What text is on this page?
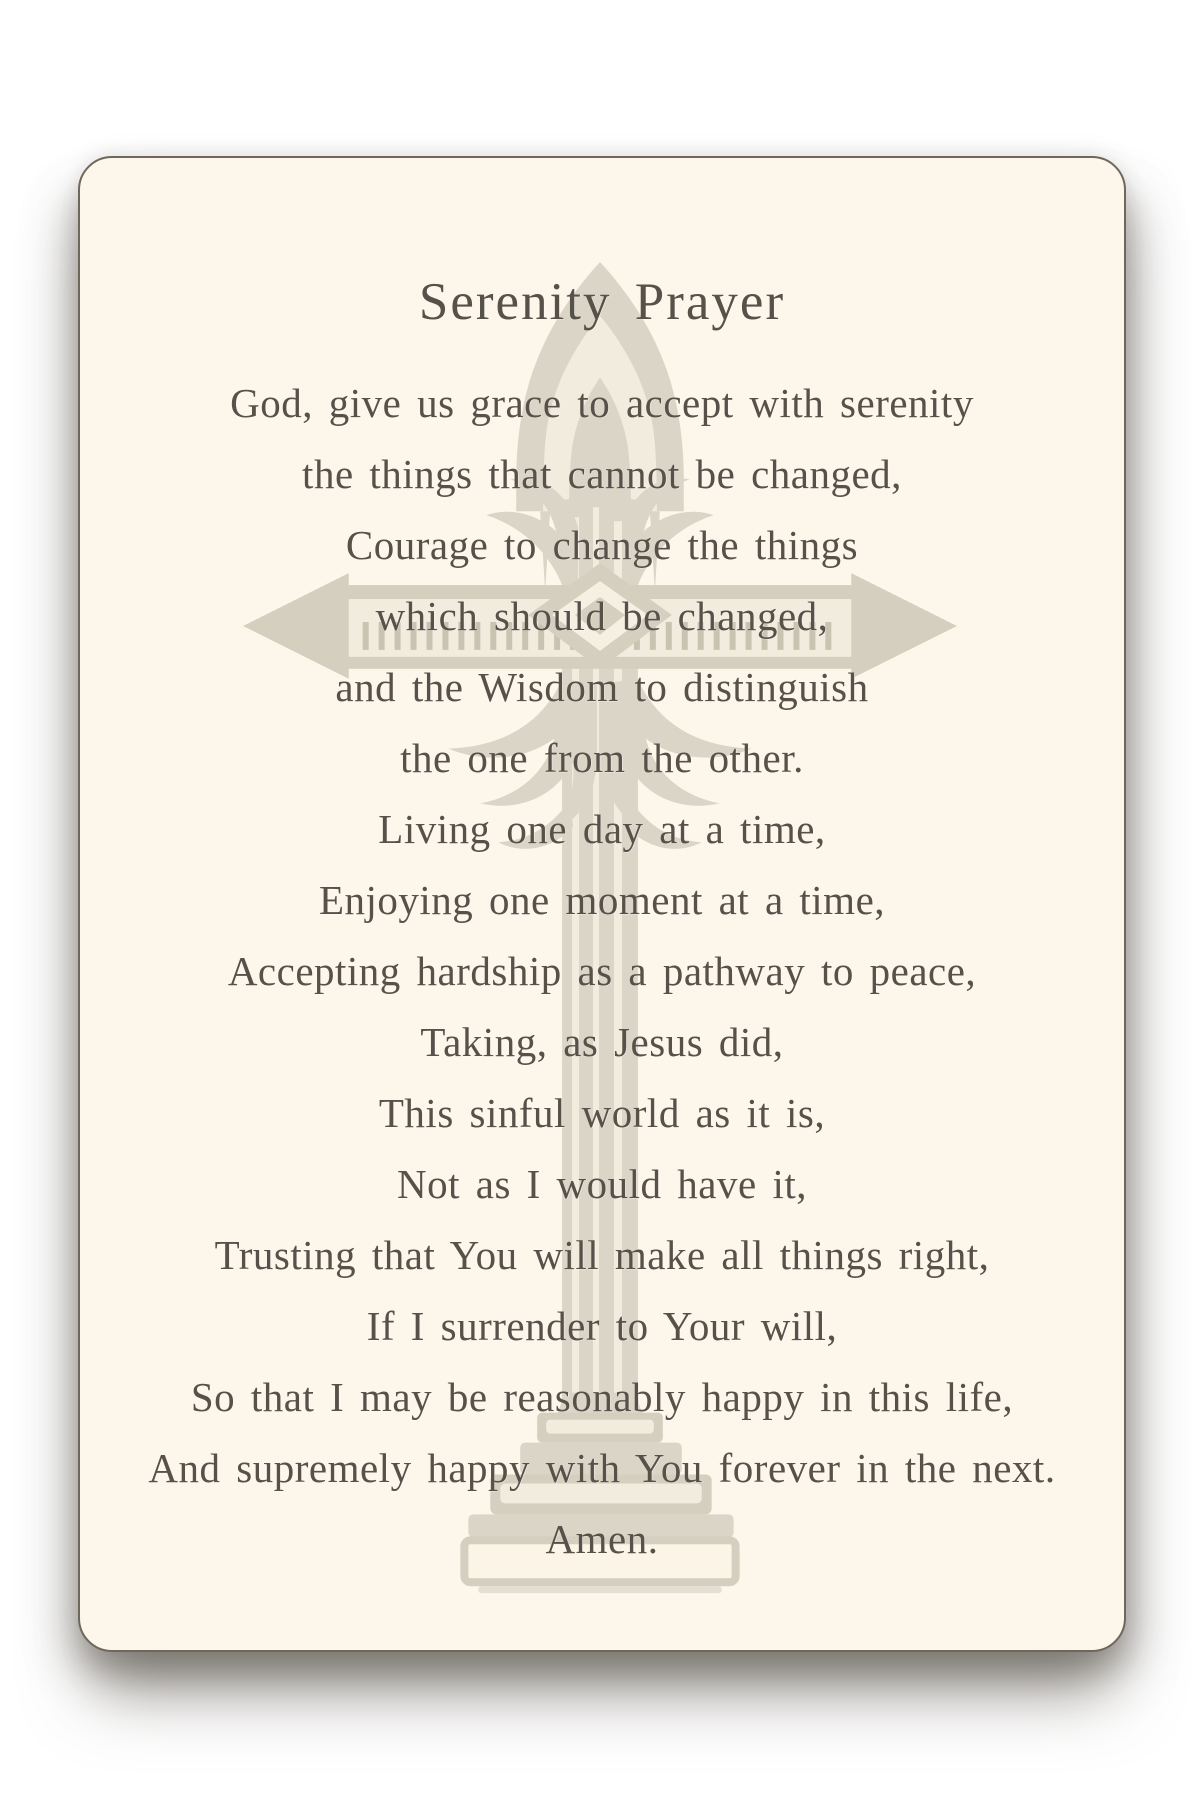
Serenity Prayer

God, give us grace to accept with serenity

the things that cannot be changed,

Courage to change the things

which should be changed,

and the Wisdom to distinguish

the one from the other.

Living one day at a time,

Enjoying one moment at a time,

Accepting hardship as a pathway to peace,

Taking, as Jesus did,

This sinful world as it is,

Not as I would have it,

Trusting that You will make all things right,

If I surrender to Your will,

So that I may be reasonably happy in this life,

And supremely happy with You forever in the next.

Amen.
